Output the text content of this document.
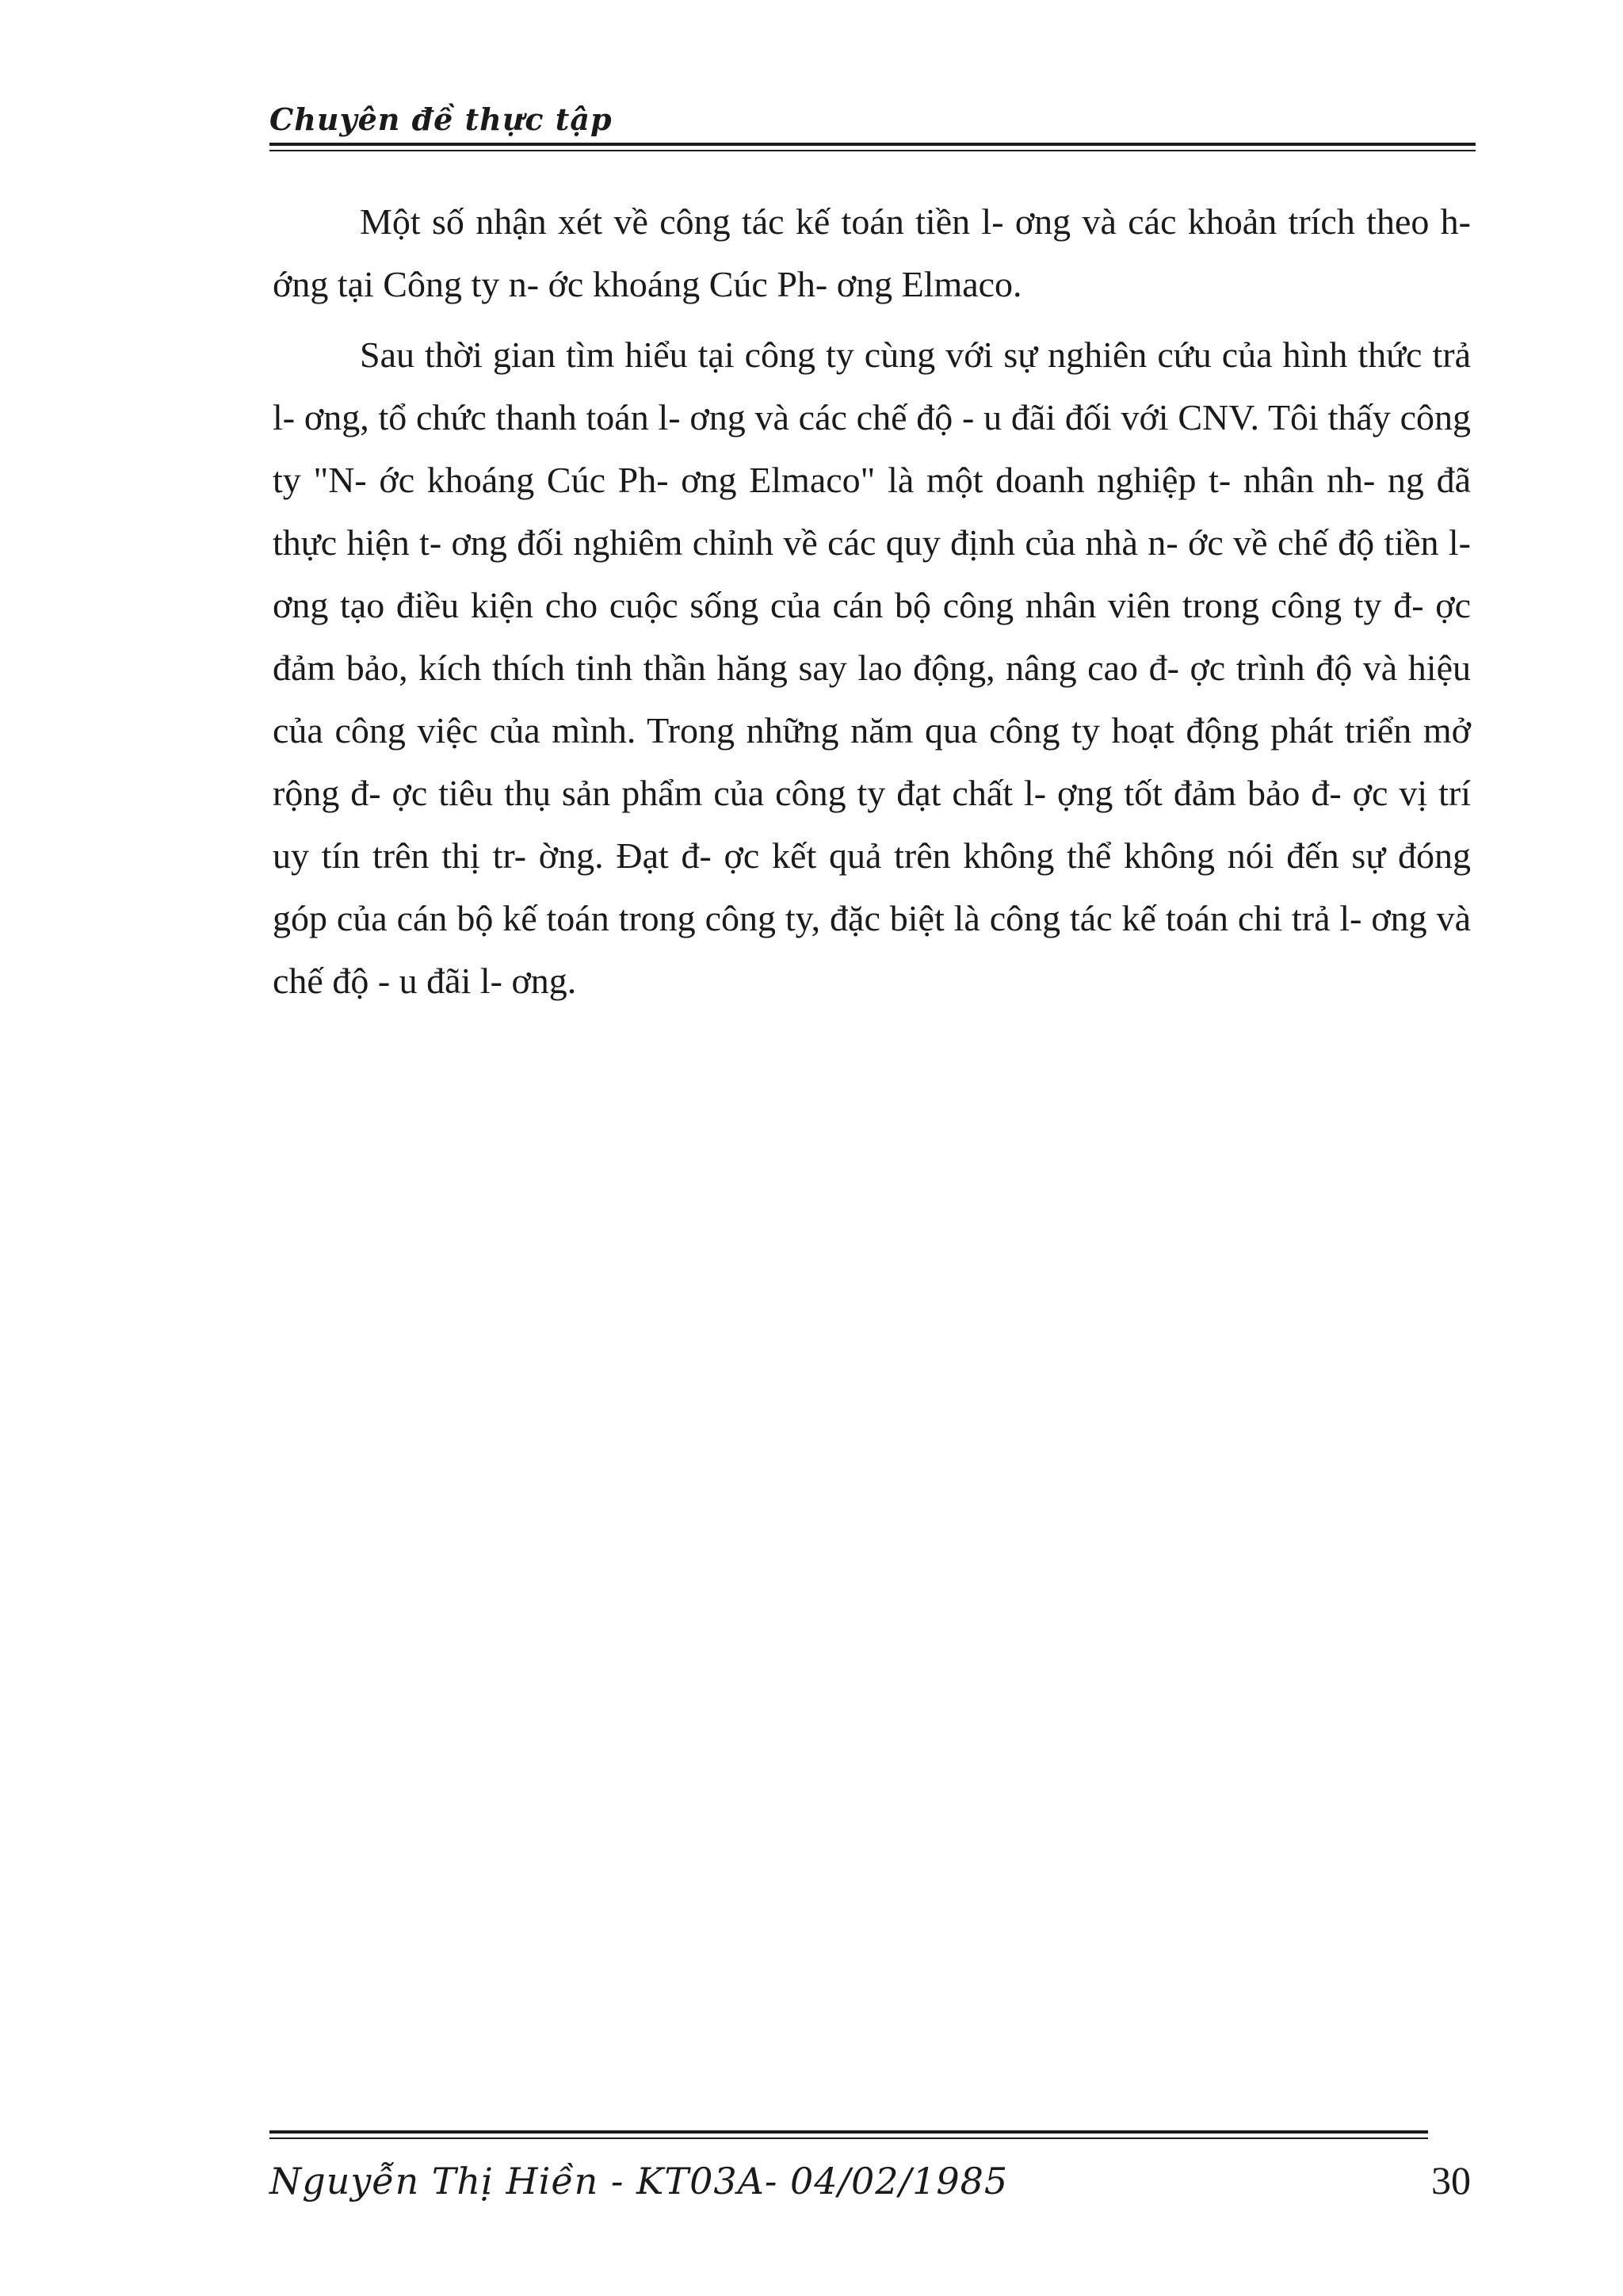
Chuyên đề thực tập

Một số nhận xét về công tác kế toán tiền l- ơng và các khoản trích theo h- ớng tại Công ty n- ớc khoáng Cúc Ph- ơng Elmaco.

Sau thời gian tìm hiểu tại công ty cùng với sự nghiên cứu của hình thức trả l- ơng, tổ chức thanh toán l- ơng và các chế độ - u đãi đối với CNV. Tôi thấy công ty "N- ớc khoáng Cúc Ph- ơng Elmaco" là một doanh nghiệp t- nhân nh- ng đã thực hiện t- ơng đối nghiêm chỉnh về các quy định của nhà n- ớc về chế độ tiền l- ơng tạo điều kiện cho cuộc sống của cán bộ công nhân viên trong công ty đ- ợc đảm bảo, kích thích tinh thần hăng say lao động, nâng cao đ- ợc trình độ và hiệu của công việc của mình. Trong những năm qua công ty hoạt động phát triển mở rộng đ- ợc tiêu thụ sản phẩm của công ty đạt chất l- ợng tốt đảm bảo đ- ợc vị trí uy tín trên thị tr- ờng. Đạt đ- ợc kết quả trên không thể không nói đến sự đóng góp của cán bộ kế toán trong công ty, đặc biệt là công tác kế toán chi trả l- ơng và chế độ - u đãi l- ơng.

Nguyễn Thị Hiền - KT03A- 04/02/1985	30
